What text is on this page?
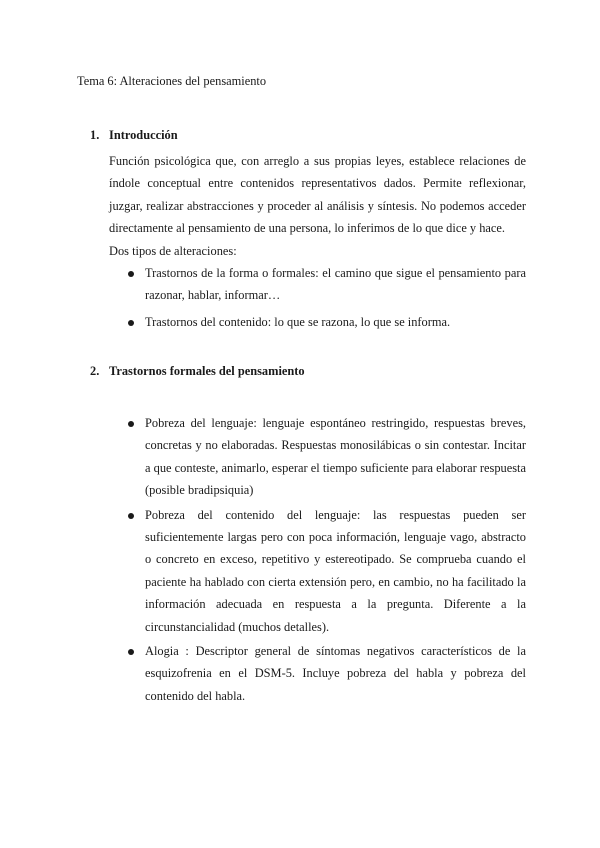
Tema 6: Alteraciones del pensamiento
1. Introducción
Función psicológica que, con arreglo a sus propias leyes, establece relaciones de índole conceptual entre contenidos representativos dados. Permite reflexionar, juzgar, realizar abstracciones y proceder al análisis y síntesis. No podemos acceder directamente al pensamiento de una persona, lo inferimos de lo que dice y hace.
Dos tipos de alteraciones:
Trastornos de la forma o formales: el camino que sigue el pensamiento para razonar, hablar, informar…
Trastornos del contenido: lo que se razona, lo que se informa.
2. Trastornos formales del pensamiento
Pobreza del lenguaje: lenguaje espontáneo restringido, respuestas breves, concretas y no elaboradas. Respuestas monosilábicas o sin contestar. Incitar a que conteste, animarlo, esperar el tiempo suficiente para elaborar respuesta (posible bradipsiquia)
Pobreza del contenido del lenguaje: las respuestas pueden ser suficientemente largas pero con poca información, lenguaje vago, abstracto o concreto en exceso, repetitivo y estereotipado. Se comprueba cuando el paciente ha hablado con cierta extensión pero, en cambio, no ha facilitado la información adecuada en respuesta a la pregunta. Diferente a la circunstancialidad (muchos detalles).
Alogia : Descriptor general de síntomas negativos característicos de la esquizofrenia en el DSM-5. Incluye pobreza del habla y pobreza del contenido del habla.
